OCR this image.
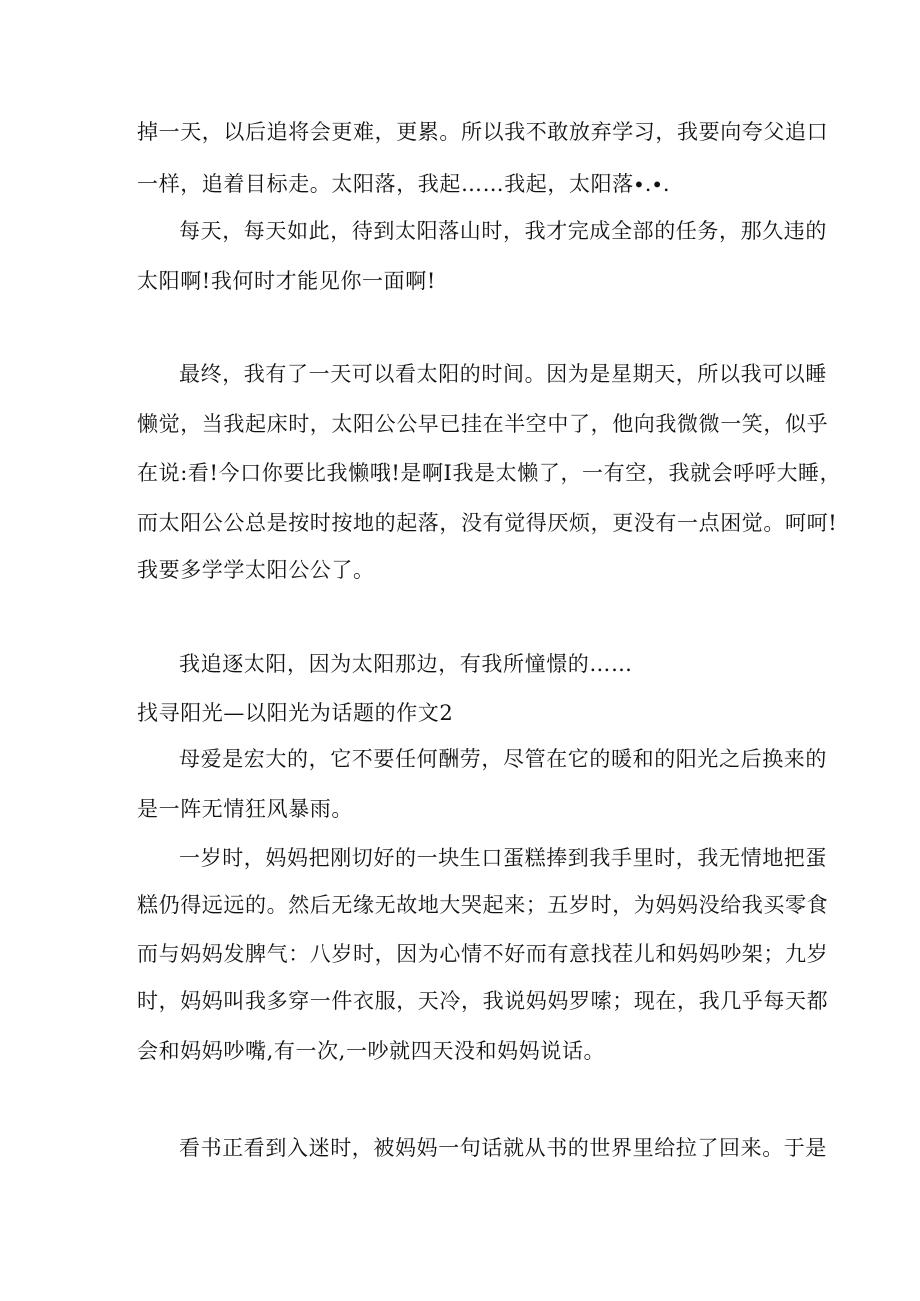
掉一天，以后追将会更难，更累。所以我不敢放弃学习，我要向夸父追口
一样，追着目标走。太阳落，我起……我起，太阳落∙.∙.
每天，每天如此，待到太阳落山时，我才完成全部的任务，那久违的
太阳啊!我何时才能见你一面啊!
最终，我有了一天可以看太阳的时间。因为是星期天，所以我可以睡
懒觉，当我起床时，太阳公公早已挂在半空中了，他向我微微一笑，似乎
在说:看!今口你要比我懒哦!是啊I我是太懒了，一有空，我就会呼呼大睡，
而太阳公公总是按时按地的起落，没有觉得厌烦，更没有一点困觉。呵呵!
我要多学学太阳公公了。
我追逐太阳，因为太阳那边，有我所憧憬的……
找寻阳光—以阳光为话题的作文2
母爱是宏大的，它不要任何酬劳，尽管在它的暖和的阳光之后换来的
是一阵无情狂风暴雨。
一岁时，妈妈把刚切好的一块生口蛋糕捧到我手里时，我无情地把蛋
糕仍得远远的。然后无缘无故地大哭起来；五岁时，为妈妈没给我买零食
而与妈妈发脾气：八岁时，因为心情不好而有意找茬儿和妈妈吵架；九岁
时，妈妈叫我多穿一件衣服，天冷，我说妈妈罗嗦；现在，我几乎每天都
会和妈妈吵嘴,有一次,一吵就四天没和妈妈说话。
看书正看到入迷时，被妈妈一句话就从书的世界里给拉了回来。于是
